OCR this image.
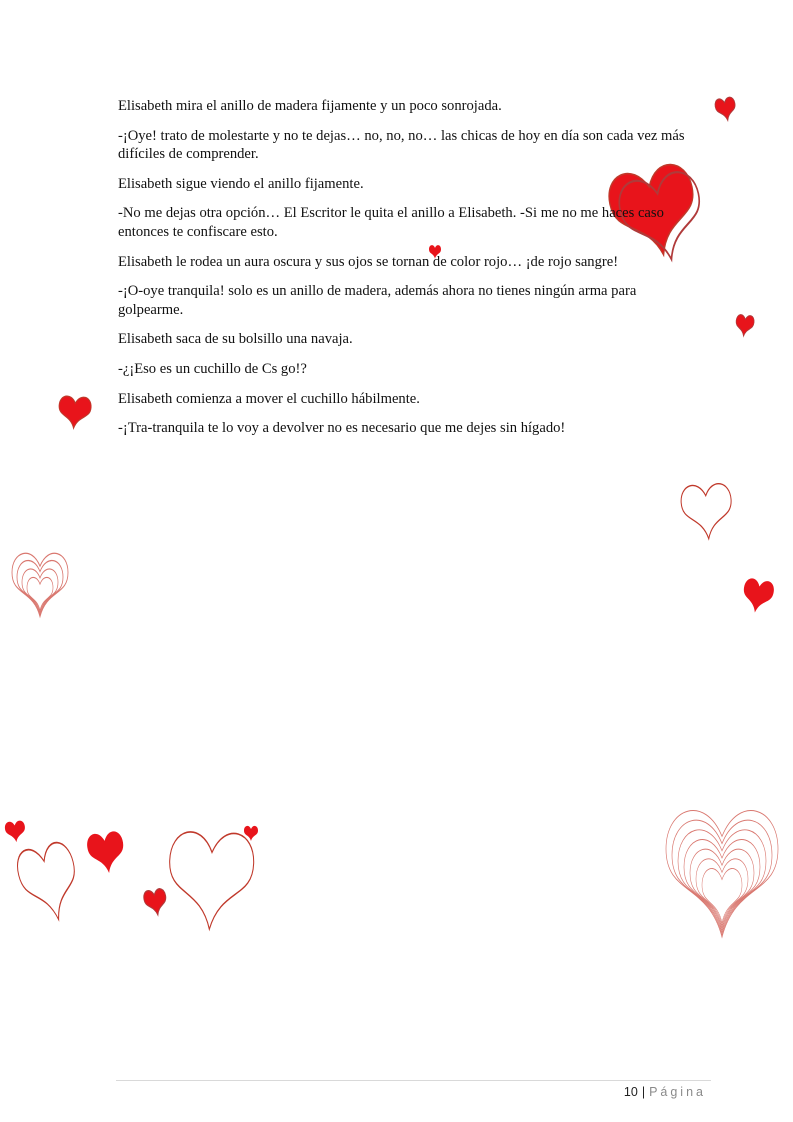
Elisabeth mira el anillo de madera fijamente y un poco sonrojada.

-¡Oye! trato de molestarte y no te dejas… no, no, no… las chicas de hoy en día son cada vez más difíciles de comprender.

Elisabeth sigue viendo el anillo fijamente.

-No me dejas otra opción… El Escritor le quita el anillo a Elisabeth. -Si me no me haces caso entonces te confiscare esto.

Elisabeth le rodea un aura oscura y sus ojos se tornan de color rojo… ¡de rojo sangre!

-¡O-oye tranquila! solo es un anillo de madera, además ahora no tienes ningún arma para golpearme.

Elisabeth saca de su bolsillo una navaja.

-¿¡Eso es un cuchillo de Cs go!?

Elisabeth comienza a mover el cuchillo hábilmente.

-¡Tra-tranquila te lo voy a devolver no es necesario que me dejes sin hígado!

10 | Página
